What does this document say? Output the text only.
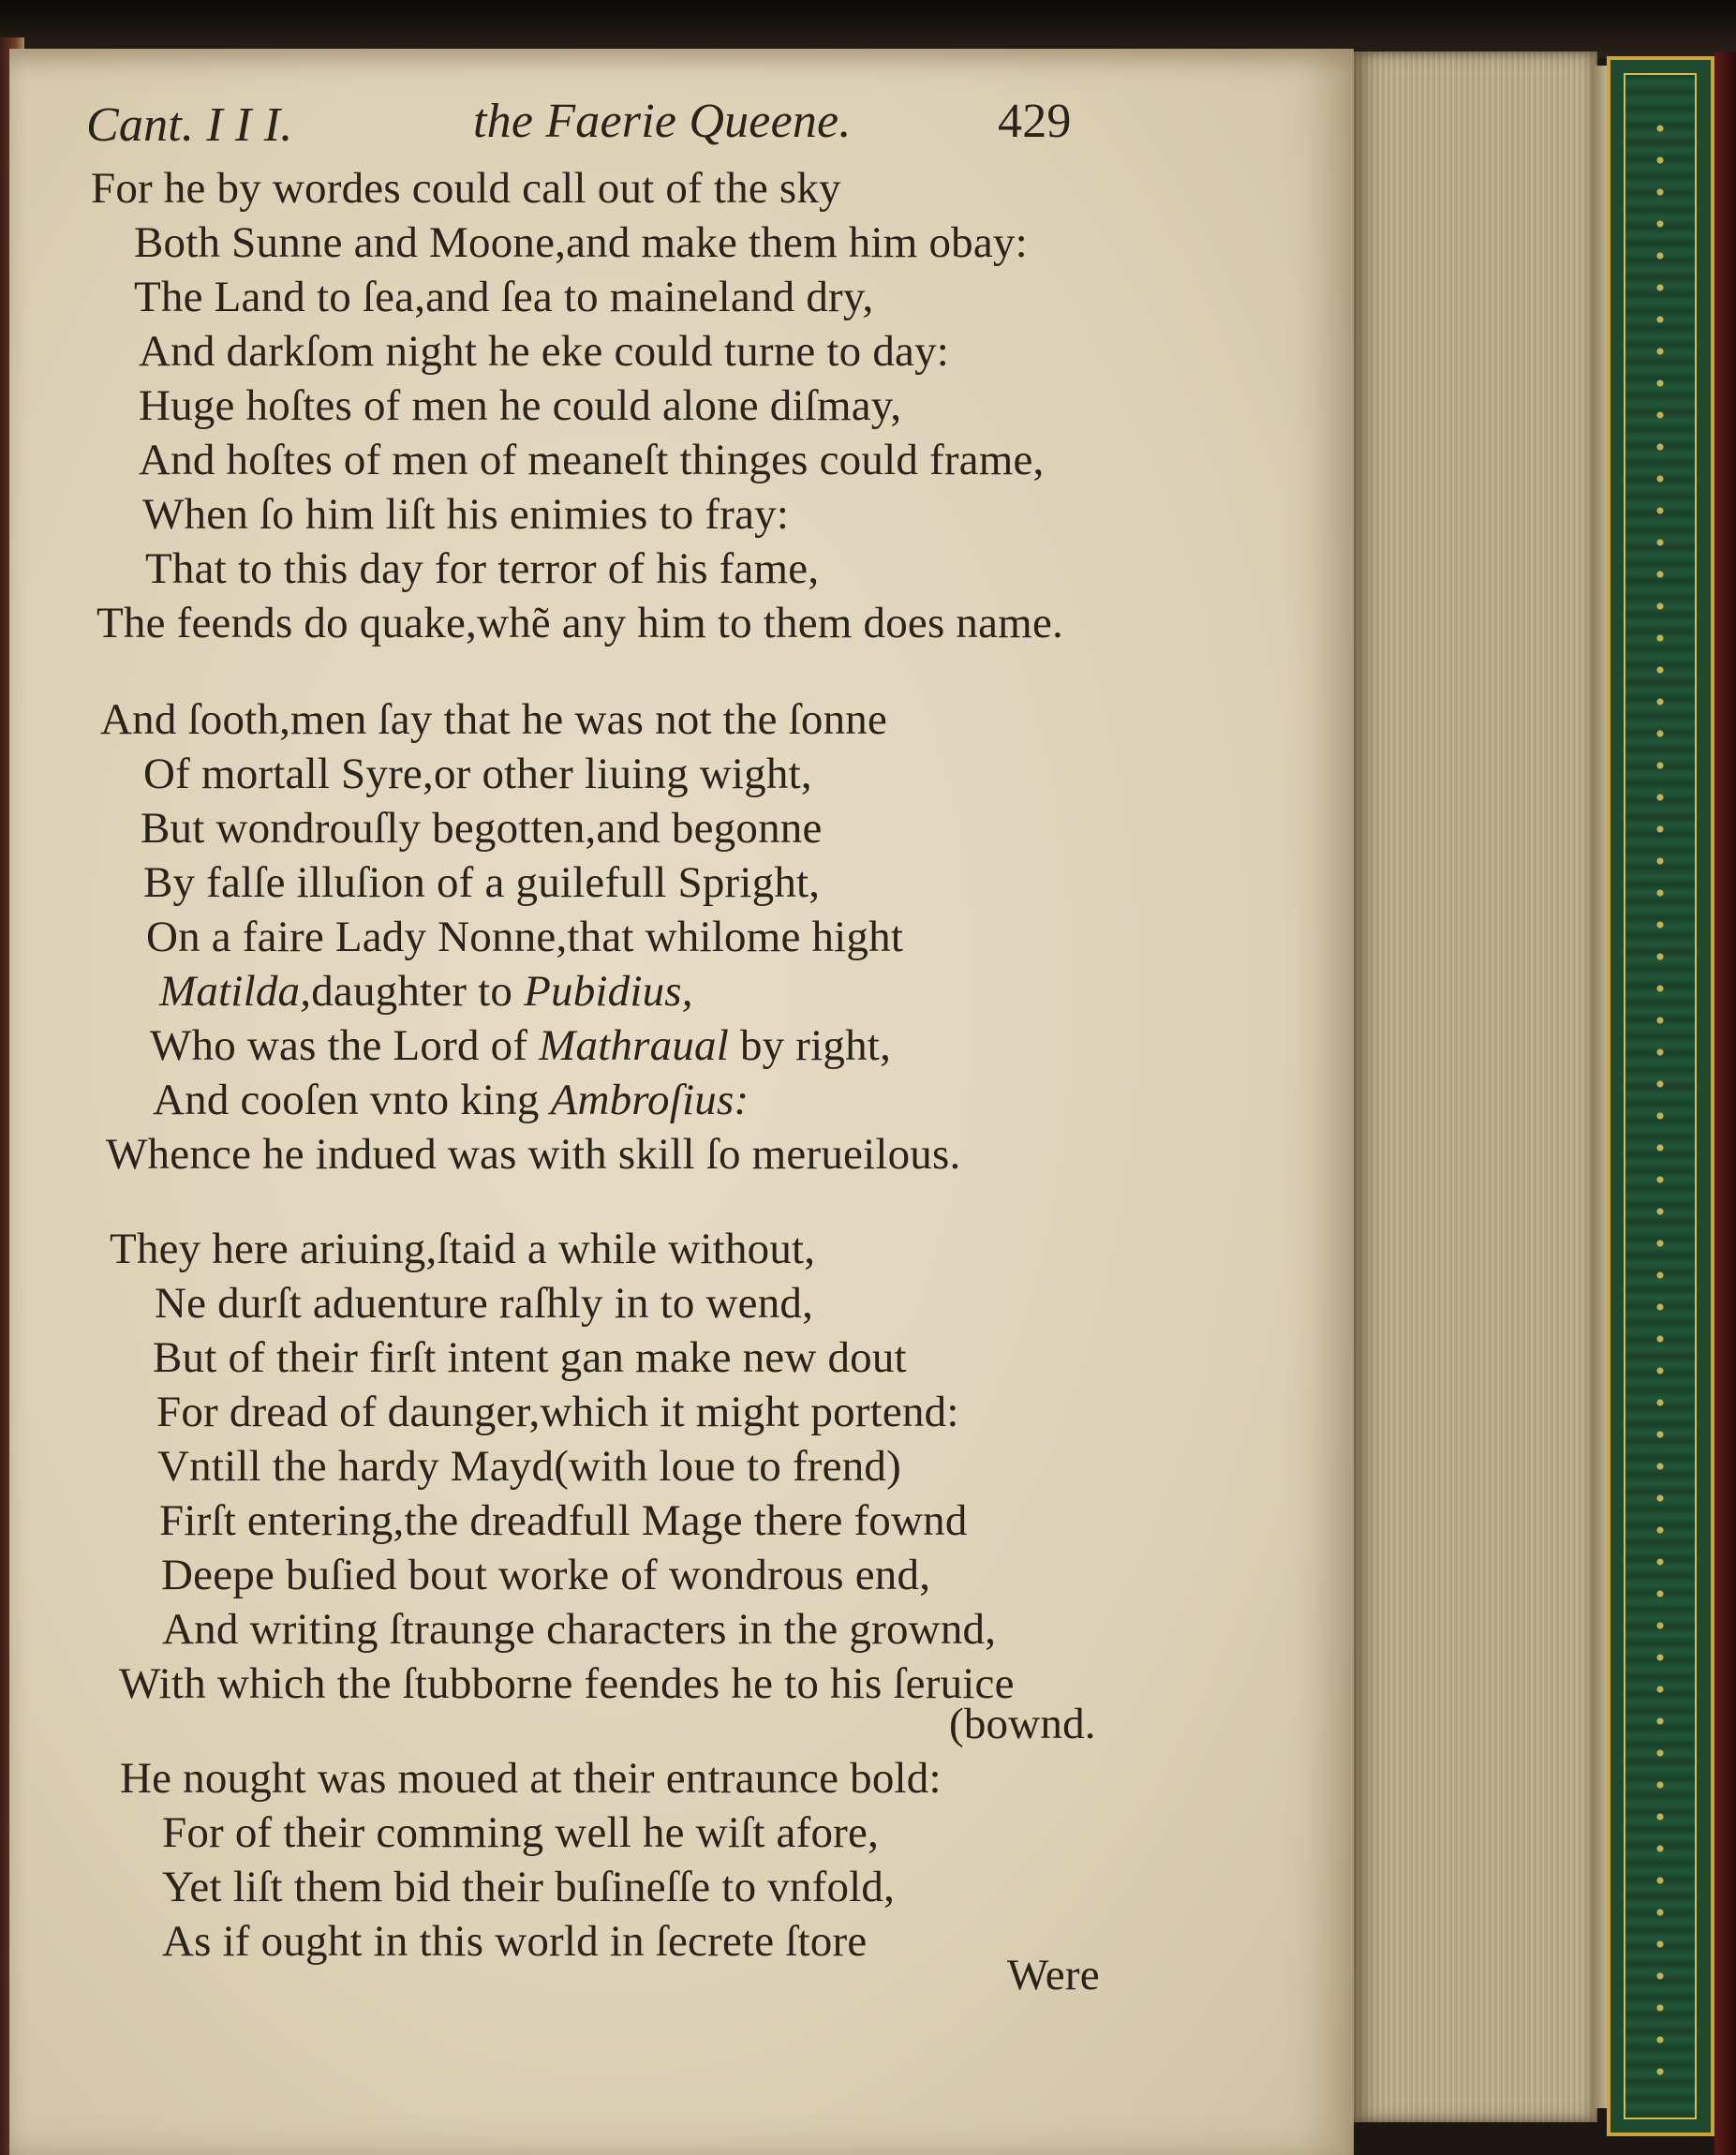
Cant. I I I.	the Faerie Queene.	429
For he by wordes could call out of the sky
Both Sunne and Moone,and make them him obay:
The Land to ſea,and ſea to maineland dry,
And darkſom night he eke could turne to day:
Huge hoſtes of men he could alone diſmay,
And hoſtes of men of meaneſt thinges could frame,
When ſo him liſt his enimies to fray:
That to this day for terror of his fame,
The feends do quake,whẽ any him to them does name.
And ſooth,men ſay that he was not the ſonne
Of mortall Syre,or other liuing wight,
But wondrouſly begotten,and begonne
By falſe illuſion of a guilefull Spright,
On a faire Lady Nonne,that whilome hight
Matilda,daughter to Pubidius,
Who was the Lord of Mathraual by right,
And cooſen vnto king Ambroſius:
Whence he indued was with skill ſo merueilous.
They here ariuing,ſtaid a while without,
Ne durſt aduenture raſhly in to wend,
But of their firſt intent gan make new dout
For dread of daunger,which it might portend:
Vntill the hardy Mayd(with loue to frend)
Firſt entering,the dreadfull Mage there fownd
Deepe buſied bout worke of wondrous end,
And writing ſtraunge characters in the grownd,
With which the ſtubborne feendes he to his ſeruice
(bownd.
He nought was moued at their entraunce bold:
For of their comming well he wiſt afore,
Yet liſt them bid their buſineſſe to vnfold,
As if ought in this world in ſecrete ſtore
Were
